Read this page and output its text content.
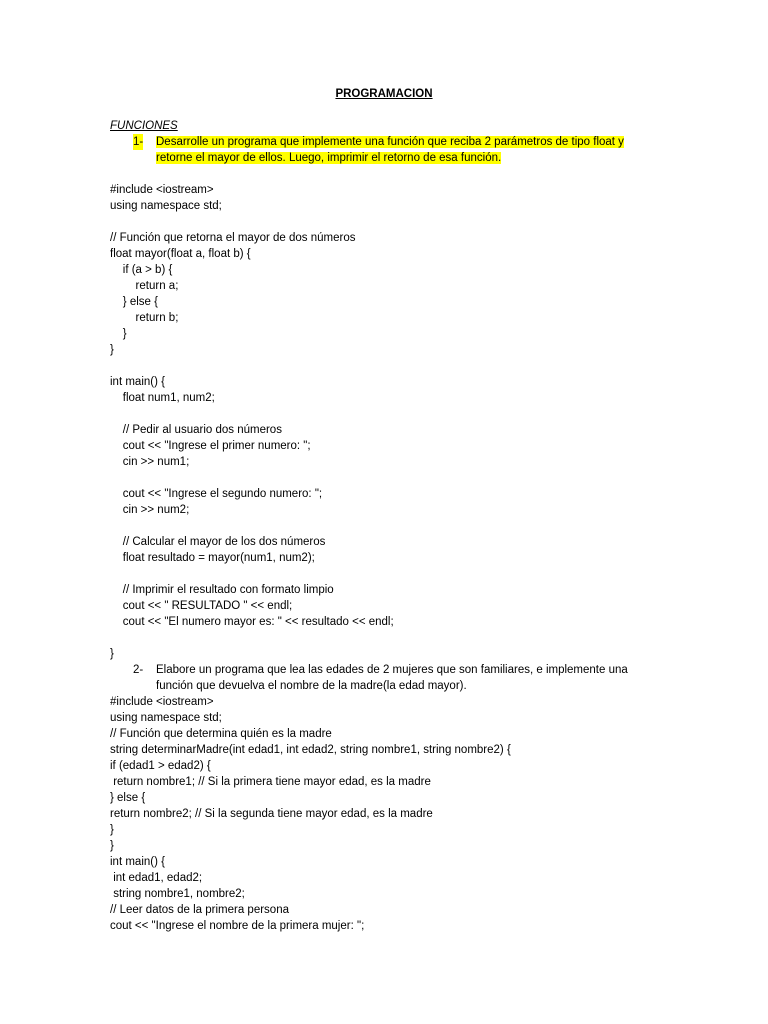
PROGRAMACION
FUNCIONES
1- Desarrolle un programa que implemente una función que reciba 2 parámetros de tipo float y
retorne el mayor de ellos. Luego, imprimir el retorno de esa función.
#include <iostream>
using namespace std;
// Función que retorna el mayor de dos números
float mayor(float a, float b) {
if (a > b) {
return a;
} else {
return b;
}
}
int main() {
float num1, num2;
// Pedir al usuario dos números
cout << "Ingrese el primer numero: ";
cin >> num1;
cout << "Ingrese el segundo numero: ";
cin >> num2;
// Calcular el mayor de los dos números
float resultado = mayor(num1, num2);
// Imprimir el resultado con formato limpio
cout << " RESULTADO " << endl;
cout << "El numero mayor es: " << resultado << endl;
}
2- Elabore un programa que lea las edades de 2 mujeres que son familiares, e implemente una
función que devuelva el nombre de la madre(la edad mayor).
#include <iostream>
using namespace std;
// Función que determina quién es la madre
string determinarMadre(int edad1, int edad2, string nombre1, string nombre2) {
if (edad1 > edad2) {
return nombre1; // Si la primera tiene mayor edad, es la madre
} else {
return nombre2; // Si la segunda tiene mayor edad, es la madre
}
}
int main() {
int edad1, edad2;
string nombre1, nombre2;
// Leer datos de la primera persona
cout << "Ingrese el nombre de la primera mujer: ";
